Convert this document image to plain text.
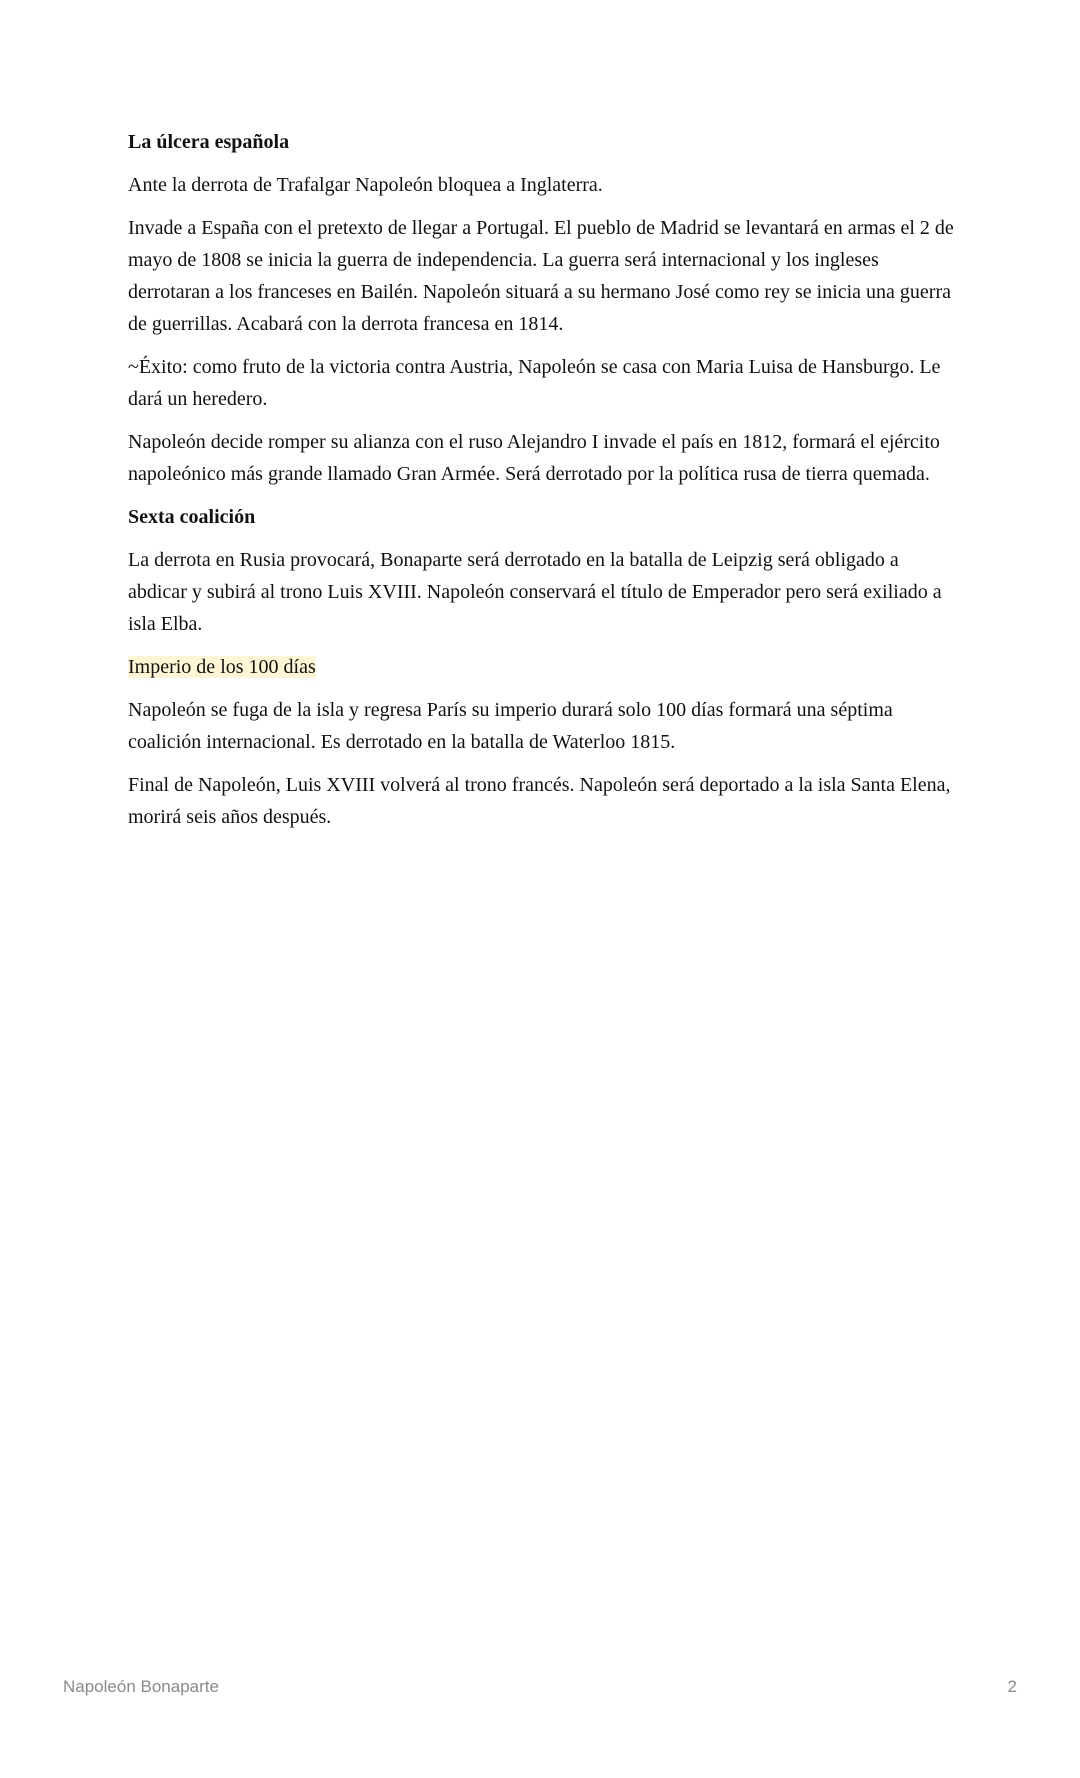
La úlcera española

Ante la derrota de Trafalgar Napoleón bloquea a Inglaterra.

Invade a España con el pretexto de llegar a Portugal. El pueblo de Madrid se levantará en armas el 2 de mayo de 1808 se inicia la guerra de independencia. La guerra será internacional y los ingleses derrotaran a los franceses en Bailén. Napoleón situará a su hermano José como rey se inicia una guerra de guerrillas. Acabará con la derrota francesa en 1814.

~Éxito: como fruto de la victoria contra Austria, Napoleón se casa con Maria Luisa de Hansburgo. Le dará un heredero.

Napoleón decide romper su alianza con el ruso Alejandro I invade el país en 1812, formará el ejército napoleónico más grande llamado Gran Armée. Será derrotado por la política rusa de tierra quemada.

Sexta coalición

La derrota en Rusia provocará, Bonaparte será derrotado en la batalla de Leipzig será obligado a abdicar y subirá al trono Luis XVIII. Napoleón conservará el título de Emperador pero será exiliado a isla Elba.

Imperio de los 100 días

Napoleón se fuga de la isla y regresa París su imperio durará solo 100 días formará una séptima coalición internacional. Es derrotado en la batalla de Waterloo 1815.

Final de Napoleón, Luis XVIII volverá al trono francés. Napoleón será deportado a la isla Santa Elena, morirá seis años después.

Napoleón Bonaparte	2
